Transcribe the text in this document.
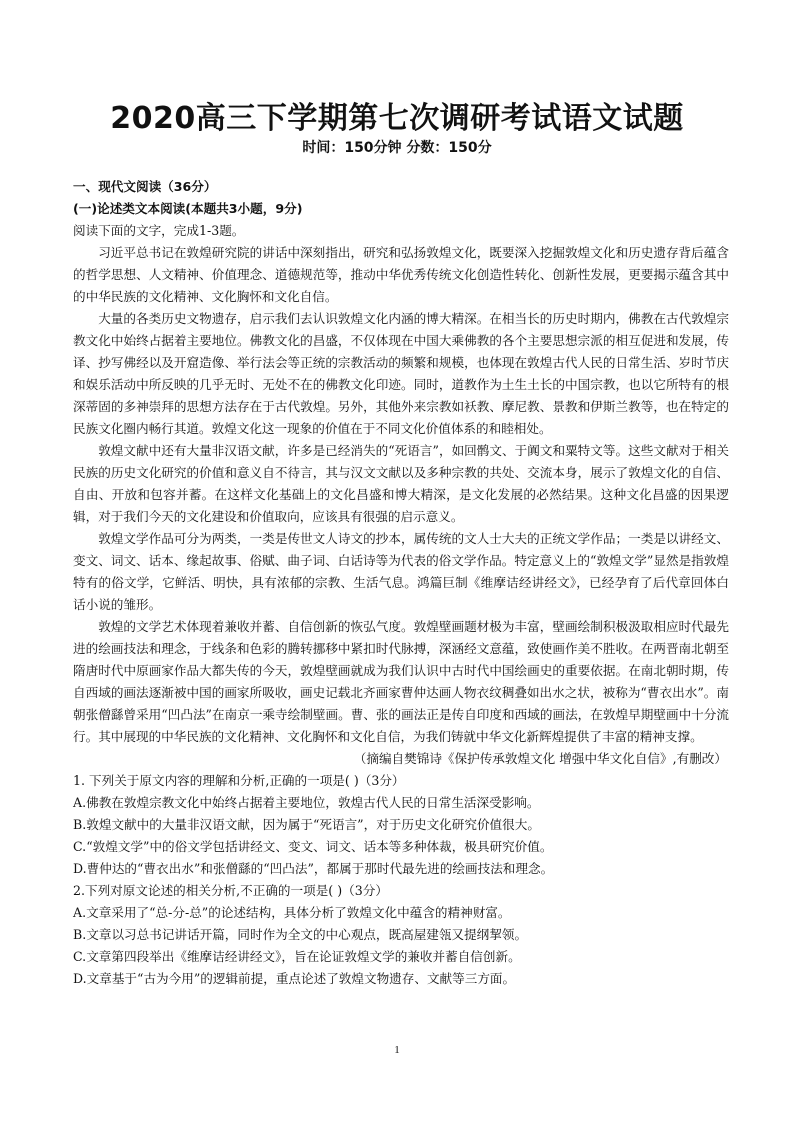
2020高三下学期第七次调研考试语文试题
时间：150分钟 分数：150分
一、现代文阅读（36分）
(一)论述类文本阅读(本题共3小题，9分)
阅读下面的文字，完成1-3题。

习近平总书记在敦煌研究院的讲话中深刻指出，研究和弘扬敦煌文化，既要深入挖掘敦煌文化和历史遗存背后蕴含的哲学思想、人文精神、价值理念、道德规范等，推动中华优秀传统文化创造性转化、创新性发展，更要揭示蕴含其中的中华民族的文化精神、文化胸怀和文化自信。

大量的各类历史文物遗存，启示我们去认识敦煌文化内涵的博大精深。在相当长的历史时期内，佛教在古代敦煌宗教文化中始终占据着主要地位。佛教文化的昌盛，不仅体现在中国大乘佛教的各个主要思想宗派的相互促进和发展，传译、抄写佛经以及开窟造像、举行法会等正统的宗教活动的频繁和规模，也体现在敦煌古代人民的日常生活、岁时节庆和娱乐活动中所反映的几乎无时、无处不在的佛教文化印迹。同时，道教作为土生土长的中国宗教，也以它所特有的根深蒂固的多神崇拜的思想方法存在于古代敦煌。另外，其他外来宗教如袄教、摩尼教、景教和伊斯兰教等，也在特定的民族文化圈内畅行其道。敦煌文化这一现象的价值在于不同文化价值体系的和睦相处。

敦煌文献中还有大量非汉语文献，许多是已经消失的“死语言”，如回鹘文、于阗文和粟特文等。这些文献对于相关民族的历史文化研究的价值和意义自不待言，其与汉文文献以及多种宗教的共处、交流本身，展示了敦煌文化的自信、自由、开放和包容并蓄。在这样文化基础上的文化昌盛和博大精深，是文化发展的必然结果。这种文化昌盛的因果逻辑，对于我们今天的文化建设和价值取向，应该具有很强的启示意义。

敦煌文学作品可分为两类，一类是传世文人诗文的抄本，属传统的文人士大夫的正统文学作品；一类是以讲经文、变文、词文、话本、缘起故事、俗赋、曲子词、白话诗等为代表的俗文学作品。特定意义上的“敦煌文学”显然是指敦煌特有的俗文学，它鲜活、明快，具有浓郁的宗教、生活气息。鸿篇巨制《维摩诘经讲经文》，已经孕育了后代章回体白话小说的雏形。

敦煌的文学艺术体现着兼收并蓄、自信创新的恢弘气度。敦煌壁画题材极为丰富，壁画绘制积极汲取相应时代最先进的绘画技法和理念，于线条和色彩的腾转挪移中紧扣时代脉搏，深涵经文意蕴，致使画作美不胜收。在两晋南北朝至隋唐时代中原画家作品大都失传的今天，敦煌壁画就成为我们认识中古时代中国绘画史的重要依据。在南北朝时期，传自西域的画法逐渐被中国的画家所吸收，画史记载北齐画家曹仲达画人物衣纹稠叠如出水之状，被称为“曹衣出水”。南朝张僧繇曾采用“凹凸法”在南京一乘寺绘制壁画。曹、张的画法正是传自印度和西域的画法，在敦煌早期壁画中十分流行。其中展现的中华民族的文化精神、文化胸怀和文化自信，为我们铸就中华文化新辉煌提供了丰富的精神支撑。

（摘编自樊锦诗《保护传承敦煌文化 增强中华文化自信》,有删改）

1. 下列关于原文内容的理解和分析,正确的一项是( )（3分）

A.佛教在敦煌宗教文化中始终占据着主要地位，敦煌古代人民的日常生活深受影响。

B.敦煌文献中的大量非汉语文献，因为属于“死语言”，对于历史文化研究价值很大。

C.“敦煌文学”中的俗文学包括讲经文、变文、词文、话本等多种体裁，极具研究价值。

D.曹仲达的“曹衣出水”和张僧繇的“凹凸法”，都属于那时代最先进的绘画技法和理念。

2.下列对原文论述的相关分析,不正确的一项是( )（3分）

A.文章采用了“总-分-总”的论述结构，具体分析了敦煌文化中蕴含的精神财富。

B.文章以习总书记讲话开篇，同时作为全文的中心观点，既高屋建瓴又提纲挈领。

C.文章第四段举出《维摩诘经讲经文》，旨在论证敦煌文学的兼收并蓄自信创新。

D.文章基于“古为今用”的逻辑前提，重点论述了敦煌文物遗存、文献等三方面。

1
